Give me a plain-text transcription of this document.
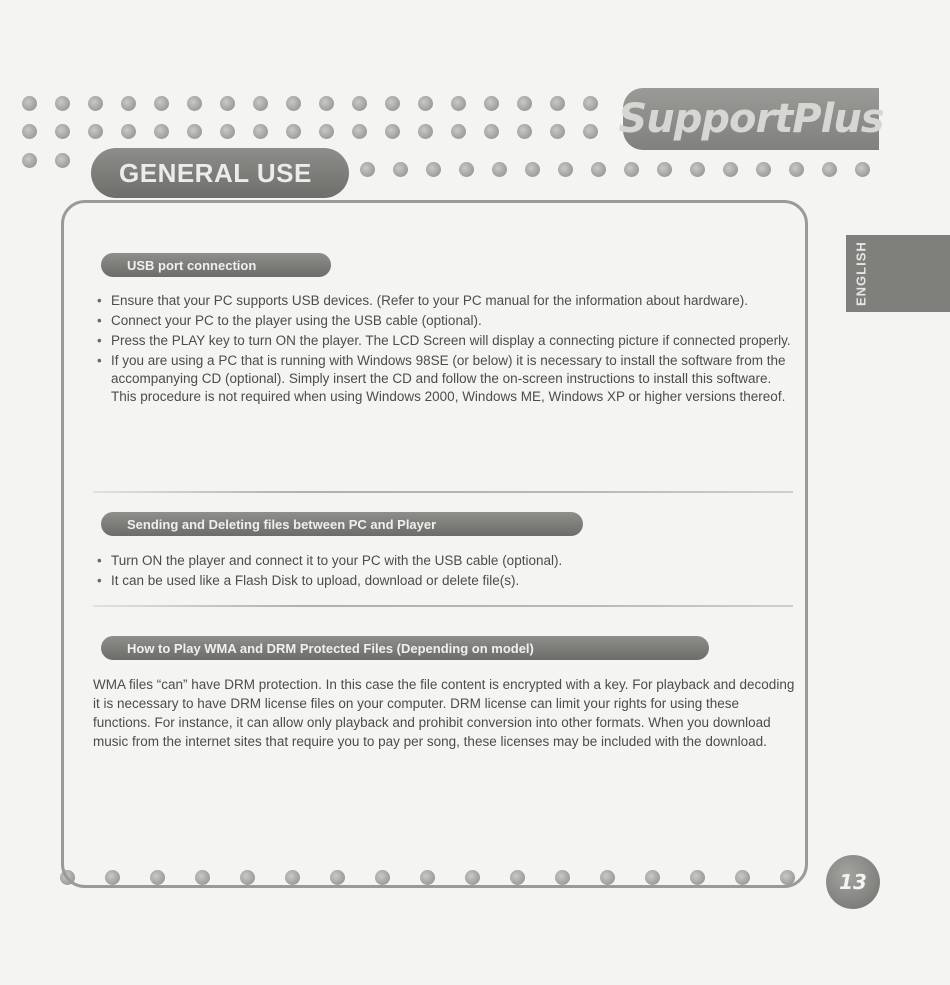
SupportPlus
GENERAL USE
ENGLISH
USB port connection
• Ensure that your PC supports USB devices. (Refer to your PC manual for the information about hardware).
• Connect your PC to the player using the USB cable (optional).
• Press the PLAY key to turn ON the player. The LCD Screen will display a connecting picture if connected properly.
• If you are using a PC that is running with Windows 98SE (or below) it is necessary to install the software from the accompanying CD (optional). Simply insert the CD and follow the on-screen instructions to install this software. This procedure is not required when using Windows 2000, Windows ME, Windows XP or higher versions thereof.
Sending and Deleting files between PC and Player
• Turn ON the player and connect it to your PC with the USB cable (optional).
• It can be used like a Flash Disk to upload, download or delete file(s).
How to Play WMA and DRM Protected Files (Depending on model)

WMA files “can” have DRM protection. In this case the file content is encrypted with a key. For playback and decoding it is necessary to have DRM license files on your computer. DRM license can limit your rights for using these functions. For instance, it can allow only playback and prohibit conversion into other formats. When you download music from the internet sites that require you to pay per song, these licenses may be included with the download.

13
